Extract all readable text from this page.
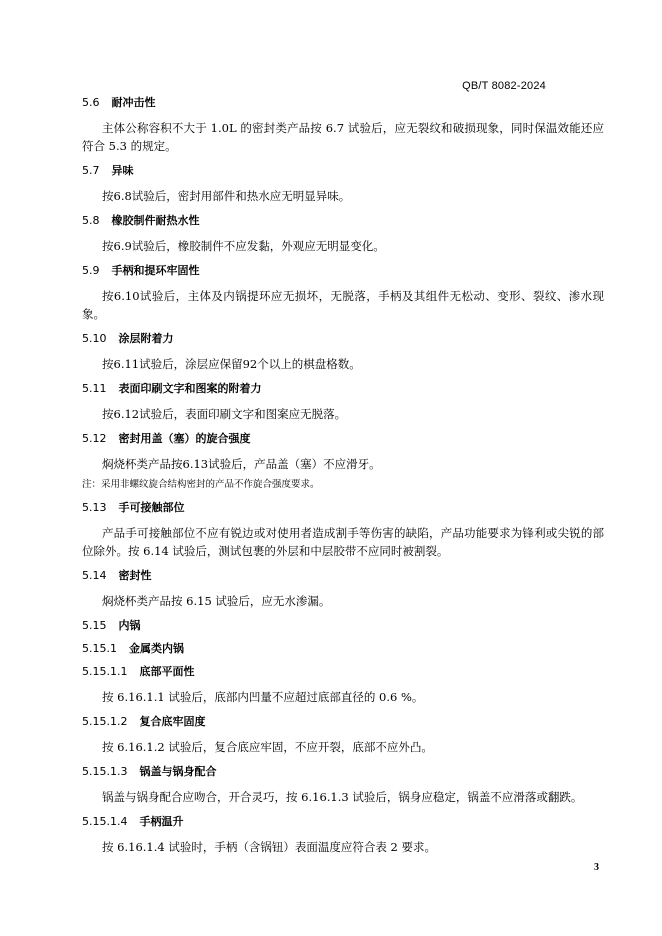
QB/T 8082-2024
5.6 耐冲击性
主体公称容积不大于 1.0L 的密封类产品按 6.7 试验后，应无裂纹和破损现象，同时保温效能还应符合 5.3 的规定。
5.7 异味
按6.8试验后，密封用部件和热水应无明显异味。
5.8 橡胶制件耐热水性
按6.9试验后，橡胶制件不应发黏，外观应无明显变化。
5.9 手柄和提环牢固性
按6.10试验后，主体及内锅提环应无损坏，无脱落，手柄及其组件无松动、变形、裂纹、渗水现象。
5.10 涂层附着力
按6.11试验后，涂层应保留92个以上的棋盘格数。
5.11 表面印刷文字和图案的附着力
按6.12试验后，表面印刷文字和图案应无脱落。
5.12 密封用盖（塞）的旋合强度
焖烧杯类产品按6.13试验后，产品盖（塞）不应滑牙。
注：采用非螺纹旋合结构密封的产品不作旋合强度要求。
5.13 手可接触部位
产品手可接触部位不应有锐边或对使用者造成割手等伤害的缺陷，产品功能要求为锋利或尖锐的部位除外。按 6.14 试验后，测试包裹的外层和中层胶带不应同时被割裂。
5.14 密封性
焖烧杯类产品按 6.15 试验后，应无水渗漏。
5.15 内锅
5.15.1 金属类内锅
5.15.1.1 底部平面性
按 6.16.1.1 试验后，底部内凹量不应超过底部直径的 0.6 %。
5.15.1.2 复合底牢固度
按 6.16.1.2 试验后，复合底应牢固，不应开裂，底部不应外凸。
5.15.1.3 锅盖与锅身配合
锅盖与锅身配合应吻合，开合灵巧，按 6.16.1.3 试验后，锅身应稳定，锅盖不应滑落或翻跌。
5.15.1.4 手柄温升
按 6.16.1.4 试验时，手柄（含锅钮）表面温度应符合表 2 要求。
3
